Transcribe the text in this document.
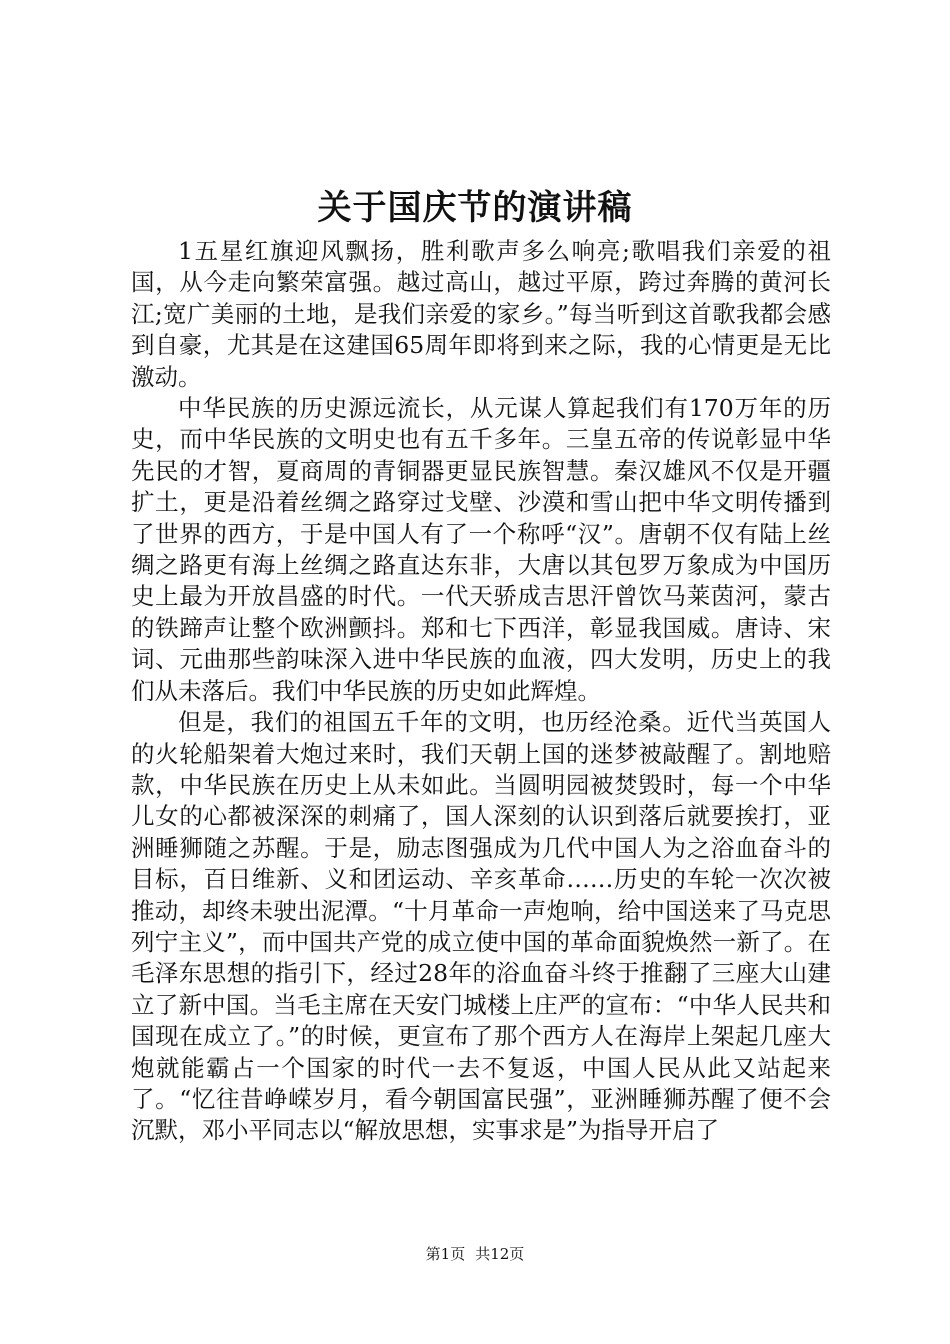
关于国庆节的演讲稿

1五星红旗迎风飘扬，胜利歌声多么响亮;歌唱我们亲爱的祖国，从今走向繁荣富强。越过高山，越过平原，跨过奔腾的黄河长江;宽广美丽的土地，是我们亲爱的家乡。”每当听到这首歌我都会感到自豪，尤其是在这建国65周年即将到来之际，我的心情更是无比激动。

中华民族的历史源远流长，从元谋人算起我们有170万年的历史，而中华民族的文明史也有五千多年。三皇五帝的传说彰显中华先民的才智，夏商周的青铜器更显民族智慧。秦汉雄风不仅是开疆扩土，更是沿着丝绸之路穿过戈壁、沙漠和雪山把中华文明传播到了世界的西方，于是中国人有了一个称呼“汉”。唐朝不仅有陆上丝绸之路更有海上丝绸之路直达东非，大唐以其包罗万象成为中国历史上最为开放昌盛的时代。一代天骄成吉思汗曾饮马莱茵河，蒙古的铁蹄声让整个欧洲颤抖。郑和七下西洋，彰显我国威。唐诗、宋词、元曲那些韵味深入进中华民族的血液，四大发明，历史上的我们从未落后。我们中华民族的历史如此辉煌。

但是，我们的祖国五千年的文明，也历经沧桑。近代当英国人的火轮船架着大炮过来时，我们天朝上国的迷梦被敲醒了。割地赔款，中华民族在历史上从未如此。当圆明园被焚毁时，每一个中华儿女的心都被深深的刺痛了，国人深刻的认识到落后就要挨打，亚洲睡狮随之苏醒。于是，励志图强成为几代中国人为之浴血奋斗的目标，百日维新、义和团运动、辛亥革命……历史的车轮一次次被推动，却终未驶出泥潭。“十月革命一声炮响，给中国送来了马克思列宁主义”，而中国共产党的成立使中国的革命面貌焕然一新了。在毛泽东思想的指引下，经过28年的浴血奋斗终于推翻了三座大山建立了新中国。当毛主席在天安门城楼上庄严的宣布：“中华人民共和国现在成立了。”的时候，更宣布了那个西方人在海岸上架起几座大炮就能霸占一个国家的时代一去不复返，中国人民从此又站起来了。“忆往昔峥嵘岁月，看今朝国富民强”，亚洲睡狮苏醒了便不会沉默，邓小平同志以“解放思想，实事求是”为指导开启了

第1页 共12页
